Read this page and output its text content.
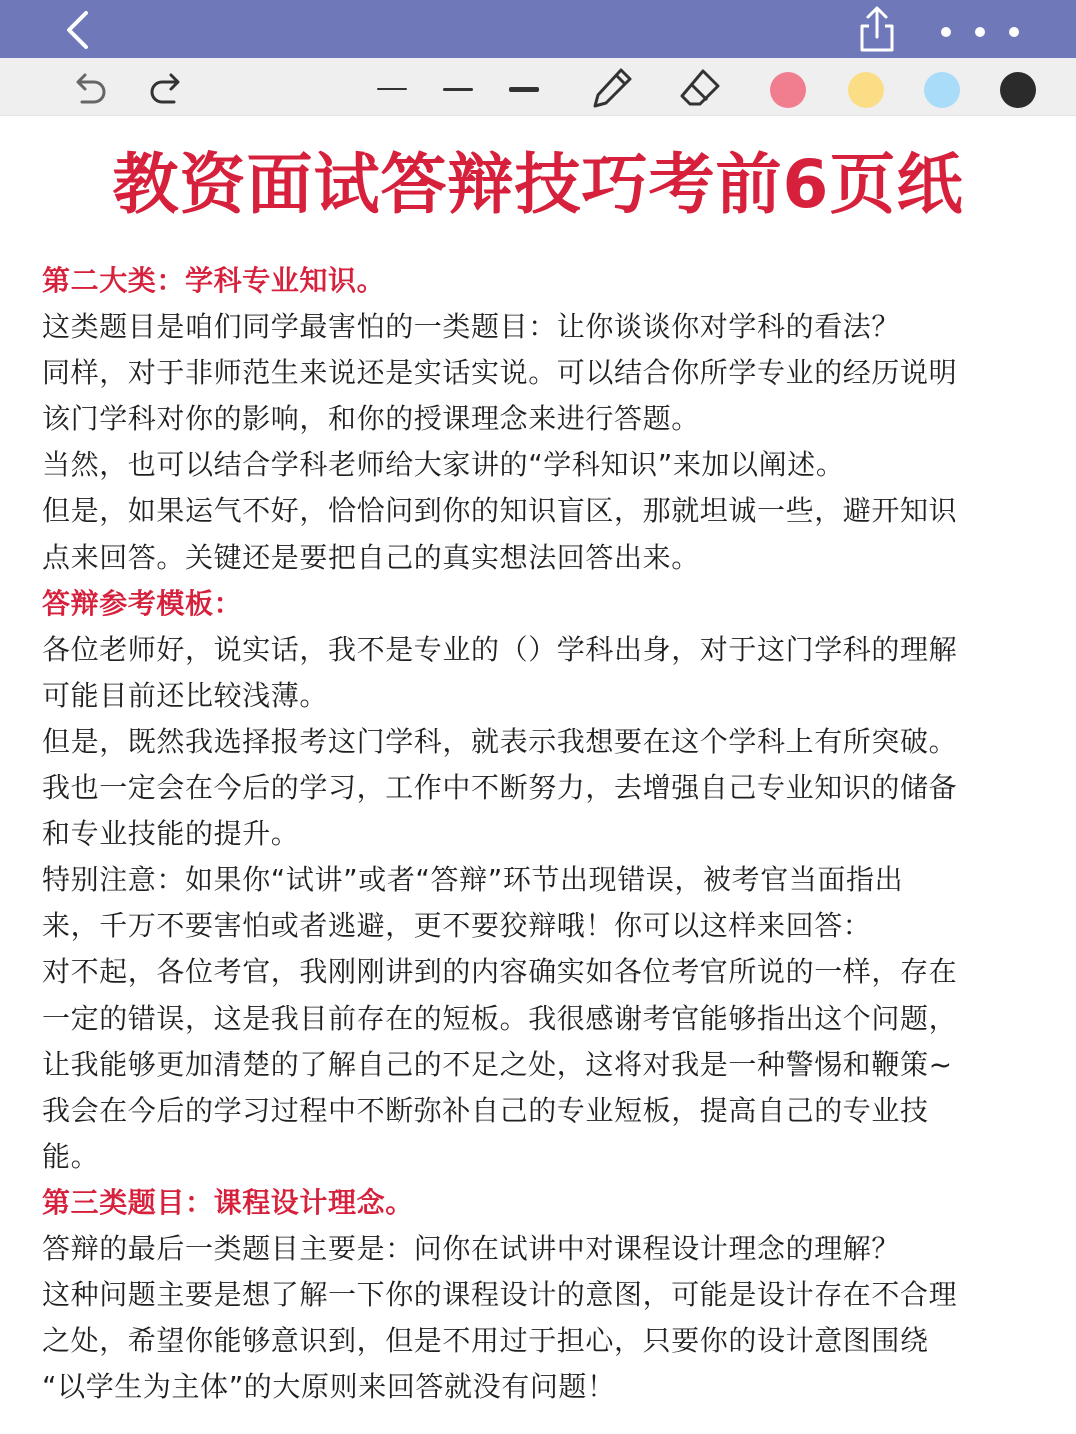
教资面试答辩技巧考前6页纸
第二大类：学科专业知识。
这类题目是咱们同学最害怕的一类题目：让你谈谈你对学科的看法？
同样，对于非师范生来说还是实话实说。可以结合你所学专业的经历说明
该门学科对你的影响，和你的授课理念来进行答题。
当然，也可以结合学科老师给大家讲的“学科知识”来加以阐述。
但是，如果运气不好，恰恰问到你的知识盲区，那就坦诚一些，避开知识
点来回答。关键还是要把自己的真实想法回答出来。
答辩参考模板：
各位老师好，说实话，我不是专业的（）学科出身，对于这门学科的理解
可能目前还比较浅薄。
但是，既然我选择报考这门学科，就表示我想要在这个学科上有所突破。
我也一定会在今后的学习，工作中不断努力，去增强自己专业知识的储备
和专业技能的提升。
特别注意：如果你“试讲”或者“答辩”环节出现错误，被考官当面指出
来，千万不要害怕或者逃避，更不要狡辩哦！你可以这样来回答：
对不起，各位考官，我刚刚讲到的内容确实如各位考官所说的一样，存在
一定的错误，这是我目前存在的短板。我很感谢考官能够指出这个问题，
让我能够更加清楚的了解自己的不足之处，这将对我是一种警惕和鞭策~
我会在今后的学习过程中不断弥补自己的专业短板，提高自己的专业技
能。
第三类题目：课程设计理念。
答辩的最后一类题目主要是：问你在试讲中对课程设计理念的理解？
这种问题主要是想了解一下你的课程设计的意图，可能是设计存在不合理
之处，希望你能够意识到，但是不用过于担心，只要你的设计意图围绕
“以学生为主体”的大原则来回答就没有问题！
